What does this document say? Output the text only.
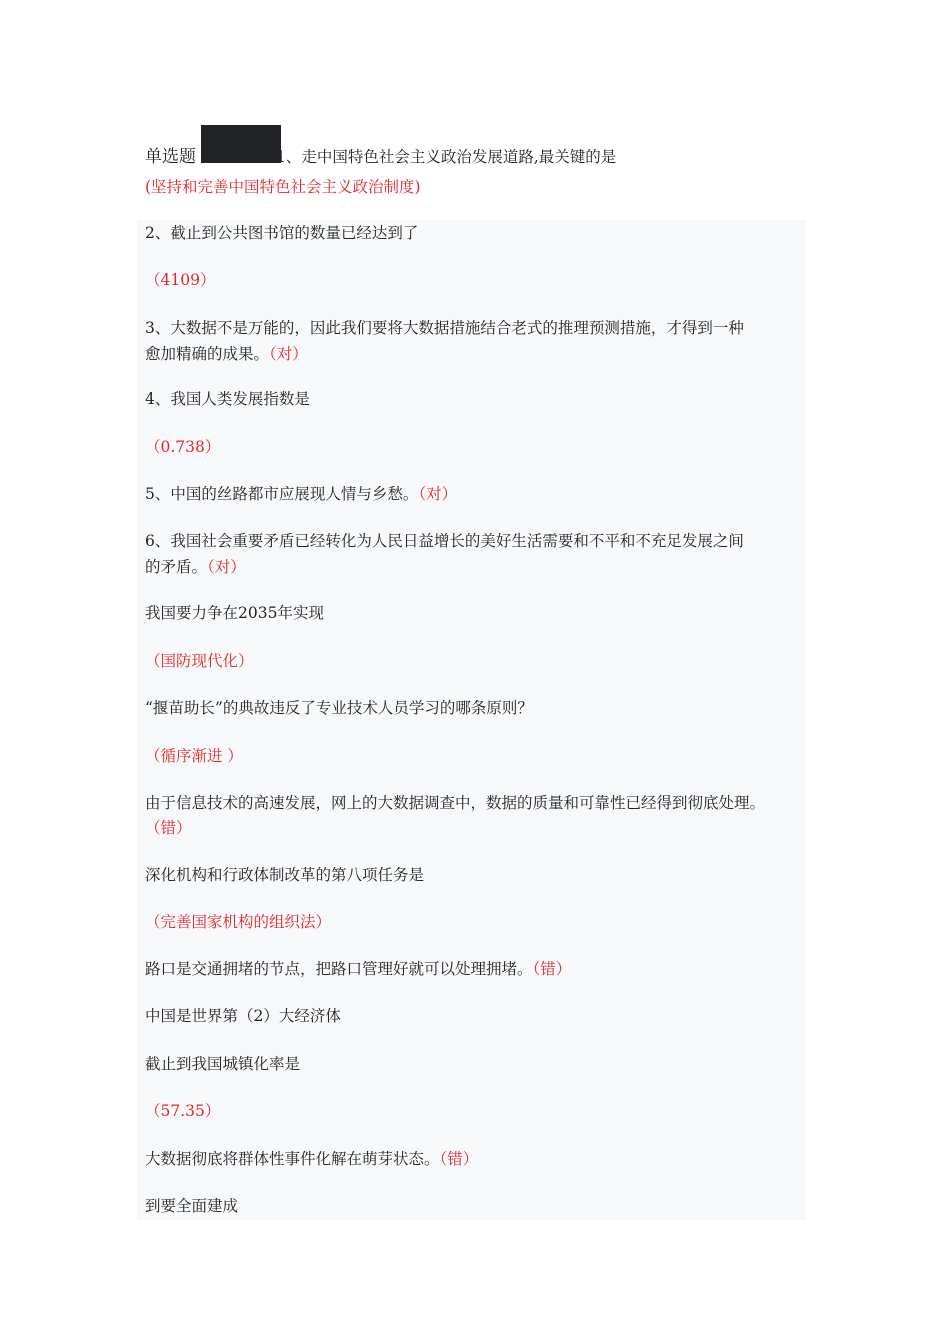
单选题	1、走中国特色社会主义政治发展道路,最关键的是
(坚持和完善中国特色社会主义政治制度)
2、截止到公共图书馆的数量已经达到了
（4109）
3、大数据不是万能的，因此我们要将大数据措施结合老式的推理预测措施，才得到一种
愈加精确的成果。（对）
4、我国人类发展指数是
（0.738）
5、中国的丝路都市应展现人情与乡愁。（对）
6、我国社会重要矛盾已经转化为人民日益增长的美好生活需要和不平和不充足发展之间
的矛盾。（对）
我国要力争在2035年实现
（国防现代化）
“揠苗助长”的典故违反了专业技术人员学习的哪条原则？
（循序渐进 ）
由于信息技术的高速发展，网上的大数据调查中，数据的质量和可靠性已经得到彻底处理。
（错）
深化机构和行政体制改革的第八项任务是
（完善国家机构的组织法）
路口是交通拥堵的节点，把路口管理好就可以处理拥堵。（错）
中国是世界第（2）大经济体
截止到我国城镇化率是
（57.35）
大数据彻底将群体性事件化解在萌芽状态。（错）
到要全面建成
